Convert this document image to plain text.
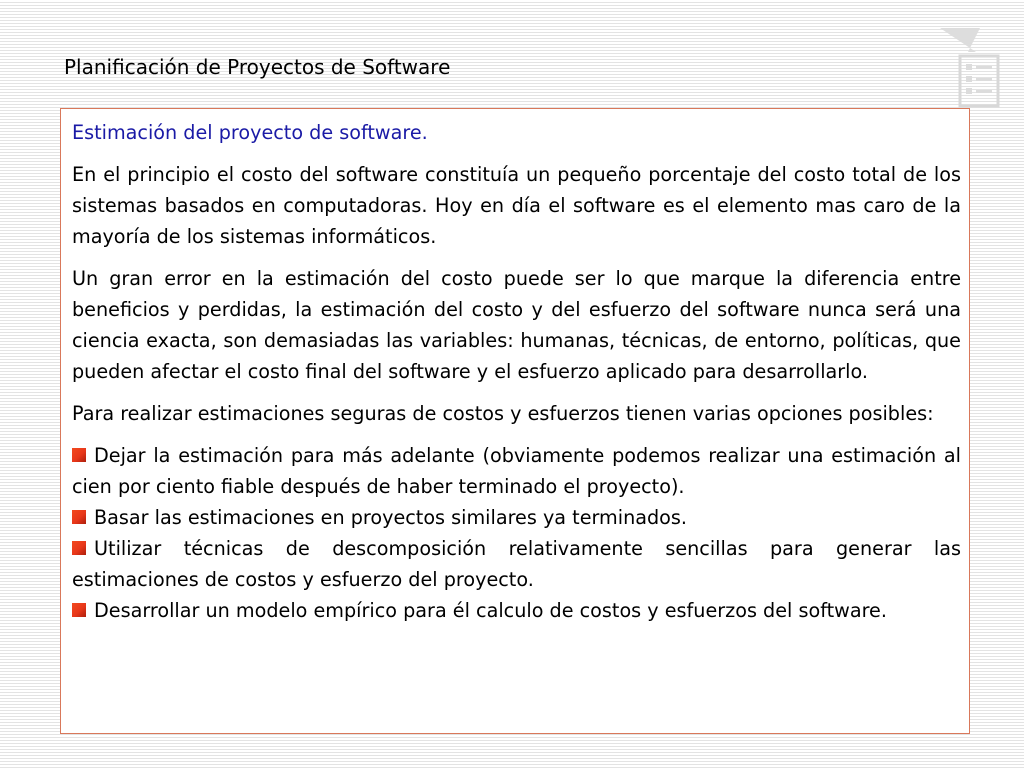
Planificación de Proyectos de Software
Estimación del proyecto de software.
En el principio el costo del software constituía un pequeño porcentaje del costo total de los sistemas basados en computadoras. Hoy en día el software es el elemento mas caro de la mayoría de los sistemas informáticos.
Un gran error en la estimación del costo puede ser lo que marque la diferencia entre beneficios y perdidas, la estimación del costo y del esfuerzo del software nunca será una ciencia exacta, son demasiadas las variables: humanas, técnicas, de entorno, políticas, que pueden afectar el costo final del software y el esfuerzo aplicado para desarrollarlo.
Para realizar estimaciones seguras de costos y esfuerzos tienen varias opciones posibles:
Dejar la estimación para más adelante (obviamente podemos realizar una estimación al cien por ciento fiable después de haber terminado el proyecto).
Basar las estimaciones en proyectos similares ya terminados.
Utilizar técnicas de descomposición relativamente sencillas para generar las estimaciones de costos y esfuerzo del proyecto.
Desarrollar un modelo empírico para él calculo de costos y esfuerzos del software.
